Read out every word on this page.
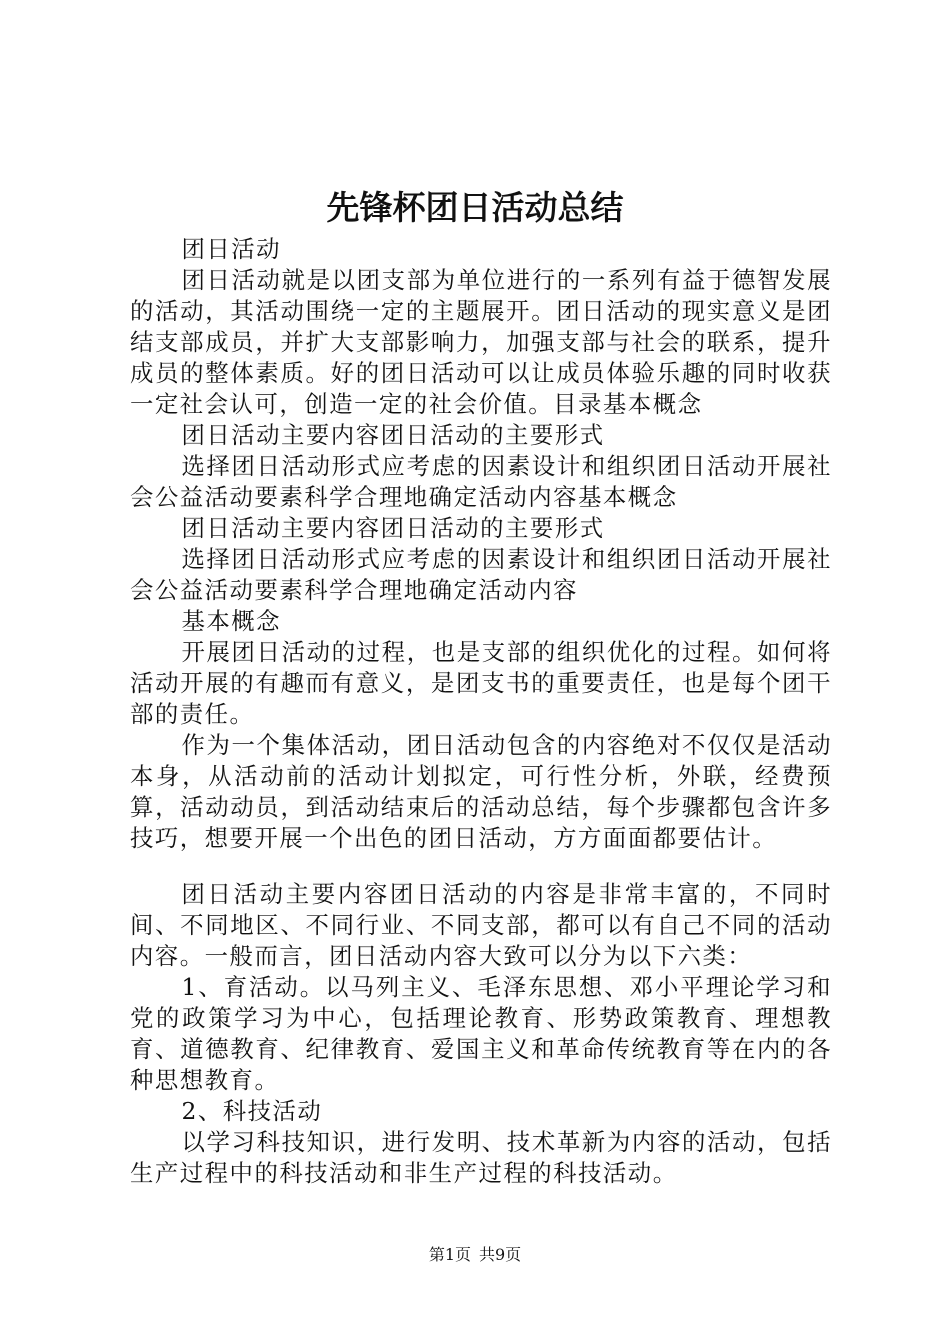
先锋杯团日活动总结

团日活动

团日活动就是以团支部为单位进行的一系列有益于德智发展的活动，其活动围绕一定的主题展开。团日活动的现实意义是团结支部成员，并扩大支部影响力，加强支部与社会的联系，提升成员的整体素质。好的团日活动可以让成员体验乐趣的同时收获一定社会认可，创造一定的社会价值。目录基本概念

团日活动主要内容团日活动的主要形式

选择团日活动形式应考虑的因素设计和组织团日活动开展社会公益活动要素科学合理地确定活动内容基本概念

团日活动主要内容团日活动的主要形式

选择团日活动形式应考虑的因素设计和组织团日活动开展社会公益活动要素科学合理地确定活动内容

基本概念

开展团日活动的过程，也是支部的组织优化的过程。如何将活动开展的有趣而有意义，是团支书的重要责任，也是每个团干部的责任。

作为一个集体活动，团日活动包含的内容绝对不仅仅是活动本身，从活动前的活动计划拟定，可行性分析，外联，经费预算，活动动员，到活动结束后的活动总结，每个步骤都包含许多技巧，想要开展一个出色的团日活动，方方面面都要估计。

团日活动主要内容团日活动的内容是非常丰富的，不同时间、不同地区、不同行业、不同支部，都可以有自己不同的活动内容。一般而言，团日活动内容大致可以分为以下六类：

1、育活动。以马列主义、毛泽东思想、邓小平理论学习和党的政策学习为中心，包括理论教育、形势政策教育、理想教育、道德教育、纪律教育、爱国主义和革命传统教育等在内的各种思想教育。

2、科技活动

以学习科技知识，进行发明、技术革新为内容的活动，包括生产过程中的科技活动和非生产过程的科技活动。

第1页 共9页
